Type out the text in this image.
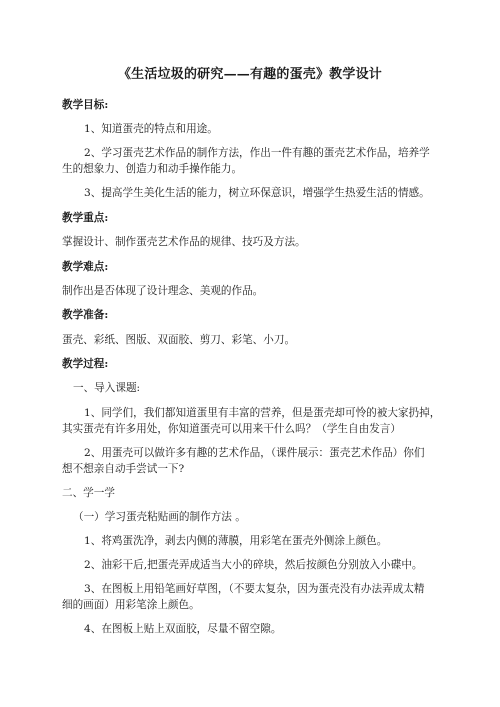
《生活垃圾的研究——有趣的蛋壳》教学设计
教学目标:
1、知道蛋壳的特点和用途。
2、学习蛋壳艺术作品的制作方法，作出一件有趣的蛋壳艺术作品，培养学
生的想象力、创造力和动手操作能力。
3、提高学生美化生活的能力，树立环保意识，增强学生热爱生活的情感。
教学重点:
掌握设计、制作蛋壳艺术作品的规律、技巧及方法。
教学难点:
制作出是否体现了设计理念、美观的作品。
教学准备:
蛋壳、彩纸、图版、双面胶、剪刀、彩笔、小刀。
教学过程:
一、导入课题:
1、同学们，我们都知道蛋里有丰富的营养，但是蛋壳却可怜的被大家扔掉，
其实蛋壳有许多用处，你知道蛋壳可以用来干什么吗？（学生自由发言）
2、用蛋壳可以做许多有趣的艺术作品，（课件展示：蛋壳艺术作品）你们
想不想亲自动手尝试一下?
二、学一学
（一）学习蛋壳粘贴画的制作方法 。
1、将鸡蛋洗净，剥去内侧的薄膜，用彩笔在蛋壳外侧涂上颜色。
2、油彩干后,把蛋壳弄成适当大小的碎块，然后按颜色分别放入小碟中。
3、在图板上用铅笔画好草图，（不要太复杂，因为蛋壳没有办法弄成太精
细的画面）用彩笔涂上颜色。
4、在图板上贴上双面胶，尽量不留空隙。
